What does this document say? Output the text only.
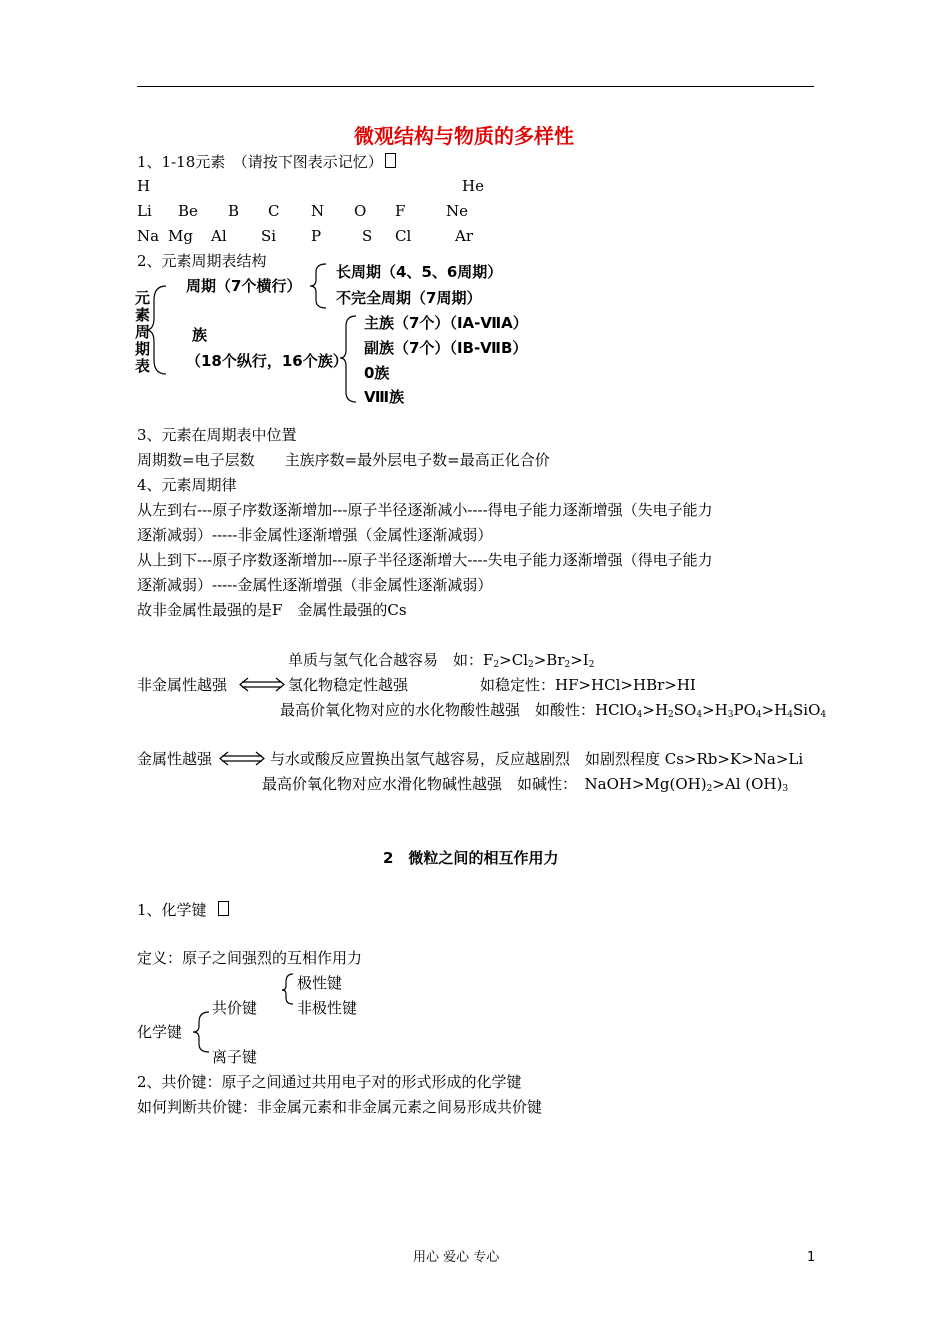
微观结构与物质的多样性
1、1-18元素　（请按下图表示记忆）
H	He
Li Be B C N O F	Ne
Na Mg Al Si P	S Cl	Ar
2、元素周期表结构
元
素
周
期
表
周期（7个横行）
长周期（4、5、6周期）
不完全周期（7周期）
族
（18个纵行，16个族）
主族（7个）（ⅠA-ⅦA）
副族（7个）（ⅠB-ⅦB）
0族
Ⅷ族
3、元素在周期表中位置
周期数=电子层数　　主族序数=最外层电子数=最高正化合价
4、元素周期律
从左到右---原子序数逐渐增加---原子半径逐渐减小----得电子能力逐渐增强（失电子能力
逐渐减弱）-----非金属性逐渐增强（金属性逐渐减弱）
从上到下---原子序数逐渐增加---原子半径逐渐增大----失电子能力逐渐增强（得电子能力
逐渐减弱）-----金属性逐渐增强（非金属性逐渐减弱）
故非金属性最强的是F　金属性最强的Cs
单质与氢气化合越容易　如：$F_2>Cl_2>Br_2>I_2$
非金属性越强	氢化物稳定性越强	如稳定性：HF>HCl>HBr>HI
最高价氧化物对应的水化物酸性越强　如酸性：$HClO_4>H_2SO_4>H_3PO_4>H_4SiO_4$
金属性越强	与水或酸反应置换出氢气越容易，反应越剧烈　如剧烈程度 Cs>Rb>K>Na>Li
最高价氧化物对应水滑化物碱性越强　如碱性：　$NaOH>Mg(OH)_2>Al$ $(OH)_3$
2　微粒之间的相互作用力
1、化学键
定义：原子之间强烈的互相作用力
极性键
共价键	非极性键
化学键
离子键
2、共价键：原子之间通过共用电子对的形式形成的化学键
如何判断共价键：非金属元素和非金属元素之间易形成共价键
用心 爱心 专心	1
